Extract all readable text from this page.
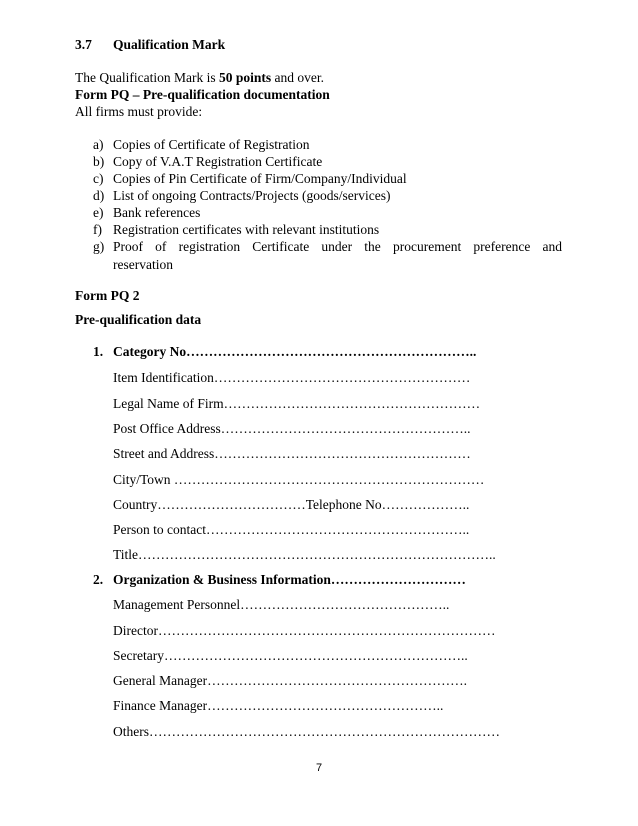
3.7 Qualification Mark
The Qualification Mark is 50 points and over.
Form PQ – Pre-qualification documentation
All firms must provide:
a) Copies of Certificate of Registration
b) Copy of V.A.T Registration Certificate
c) Copies of Pin Certificate of Firm/Company/Individual
d) List of ongoing Contracts/Projects (goods/services)
e) Bank references
f) Registration certificates with relevant institutions
g) Proof of registration Certificate under the procurement preference and
reservation
Form PQ 2
Pre-qualification data
1. Category No………………………………………………………..
Item Identification…………………………………………………
Legal Name of Firm…………………………………………………
Post Office Address………………………………………………..
Street and Address…………………………………………………
City/Town ……………………………………………………………
Country……………………………Telephone No………………..
Person to contact…………………………………………………..
Title……………………………………………………………………..
2. Organization & Business Information…………………………
Management Personnel………………………………………..
Director…………………………………………………………………
Secretary…………………………………………………………..
General Manager………………………………………………….
Finance Manager……………………………………………..
Others……………………………………………………………………
7
